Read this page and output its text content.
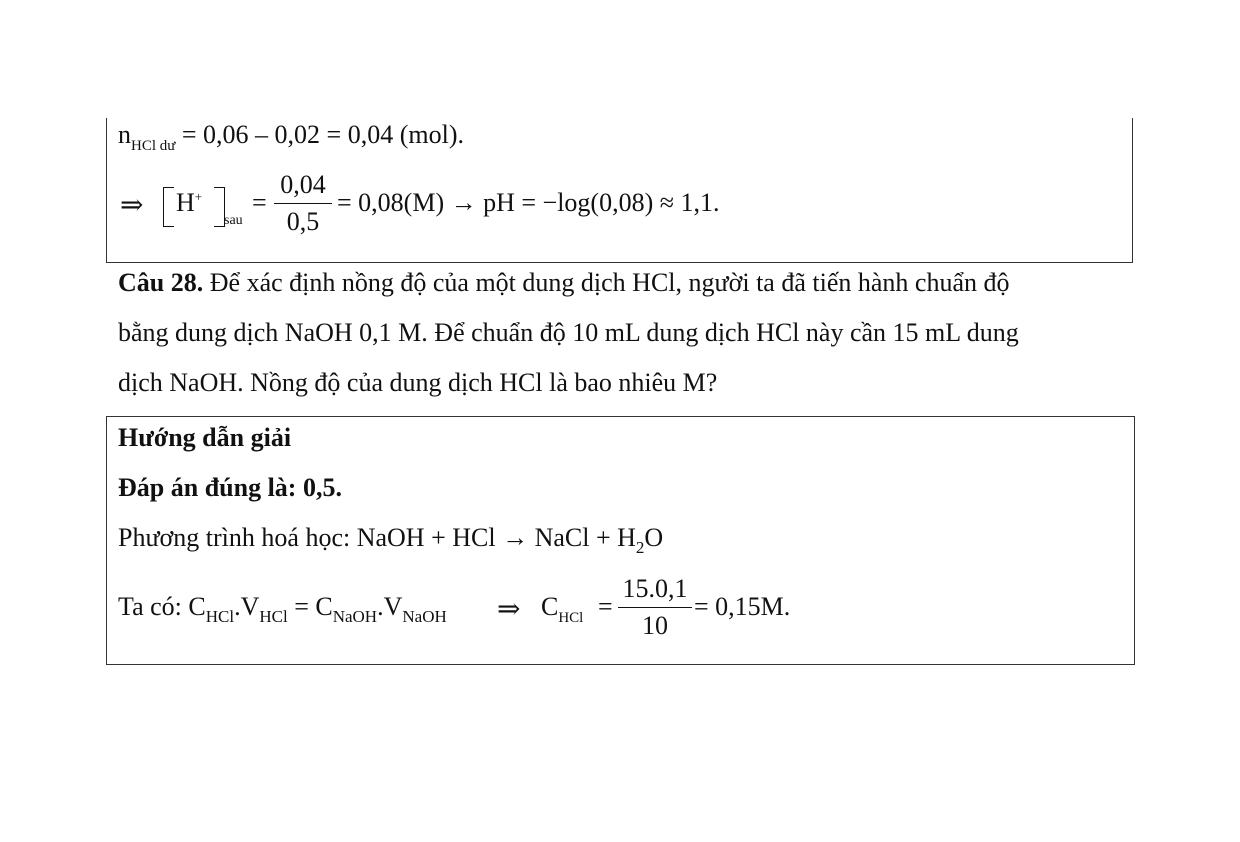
$n_{HCl dư} = 0,06 - 0,02 = 0,04$ (mol).
⇒ H+
sau
=
0,04
0,5
= 0,08(M) → pH = −log(0,08) ≈ 1,1.
Câu 28. Để xác định nồng độ của một dung dịch HCl, người ta đã tiến hành chuẩn độ
bằng dung dịch NaOH 0,1 M. Để chuẩn độ 10 mL dung dịch HCl này cần 15 mL dung
dịch NaOH. Nồng độ của dung dịch HCl là bao nhiêu M?
Hướng dẫn giải
Đáp án đúng là: 0,5.
Phương trình hoá học: NaOH + HCl → NaCl + $H_2O$
Ta có: $C_{HCl}.V_{HCl} = C_{NaOH}.V_{NaOH}$ ⇒ $C_{HCl}$ =
15.0,1
10
= 0,15M.
